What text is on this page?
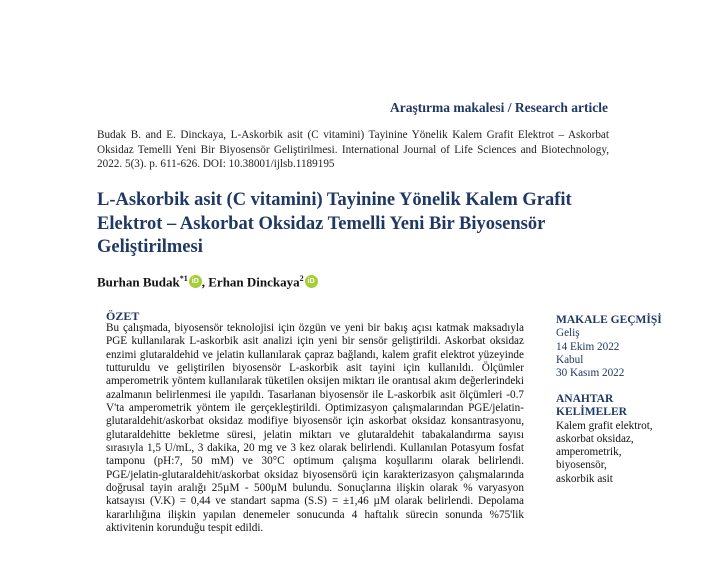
Araştırma makalesi / Research article
Budak B. and E. Dinckaya, L-Askorbik asit (C vitamini) Tayinine Yönelik Kalem Grafit Elektrot – Askorbat Oksidaz Temelli Yeni Bir Biyosensör Geliştirilmesi. International Journal of Life Sciences and Biotechnology, 2022. 5(3). p. 611-626. DOI: 10.38001/ijlsb.1189195
L-Askorbik asit (C vitamini) Tayinine Yönelik Kalem Grafit Elektrot – Askorbat Oksidaz Temelli Yeni Bir Biyosensör Geliştirilmesi
Burhan Budak$^{*1}$ iD , Erhan Dinckaya$^2$ iD
ÖZET
Bu çalışmada, biyosensör teknolojisi için özgün ve yeni bir bakış açısı katmak maksadıyla PGE kullanılarak L-askorbik asit analizi için yeni bir sensör geliştirildi. Askorbat oksidaz enzimi glutaraldehid ve jelatin kullanılarak çapraz bağlandı, kalem grafit elektrot yüzeyinde tutturuldu ve geliştirilen biyosensör L-askorbik asit tayini için kullanıldı. Ölçümler amperometrik yöntem kullanılarak tüketilen oksijen miktarı ile orantısal akım değerlerindeki azalmanın belirlenmesi ile yapıldı. Tasarlanan biyosensör ile L-askorbik asit ölçümleri -0.7 V'ta amperometrik yöntem ile gerçekleştirildi. Optimizasyon çalışmalarından PGE/jelatin-glutaraldehit/askorbat oksidaz modifiye biyosensör için askorbat oksidaz konsantrasyonu, glutaraldehitte bekletme süresi, jelatin miktarı ve glutaraldehit tabakalandırma sayısı sırasıyla 1,5 U/mL, 3 dakika, 20 mg ve 3 kez olarak belirlendi. Kullanılan Potasyum fosfat tamponu (pH:7, 50 mM) ve 30°C optimum çalışma koşullarını olarak belirlendi. PGE/jelatin-glutaraldehit/askorbat oksidaz biyosensörü için karakterizasyon çalışmalarında doğrusal tayin aralığı 25µM - 500µM bulundu. Sonuçlarına ilişkin olarak % varyasyon katsayısı (V.K) = 0,44 ve standart sapma (S.S) = ±1,46 µM olarak belirlendi. Depolama kararlılığına ilişkin yapılan denemeler sonucunda 4 haftalık sürecin sonunda %75'lik aktivitenin korunduğu tespit edildi.
MAKALE GEÇMİŞİ
Geliş
14 Ekim 2022
Kabul
30 Kasım 2022
ANAHTAR
KELİMELER
Kalem grafit elektrot,
askorbat oksidaz,
amperometrik,
biyosensör,
askorbik asit
